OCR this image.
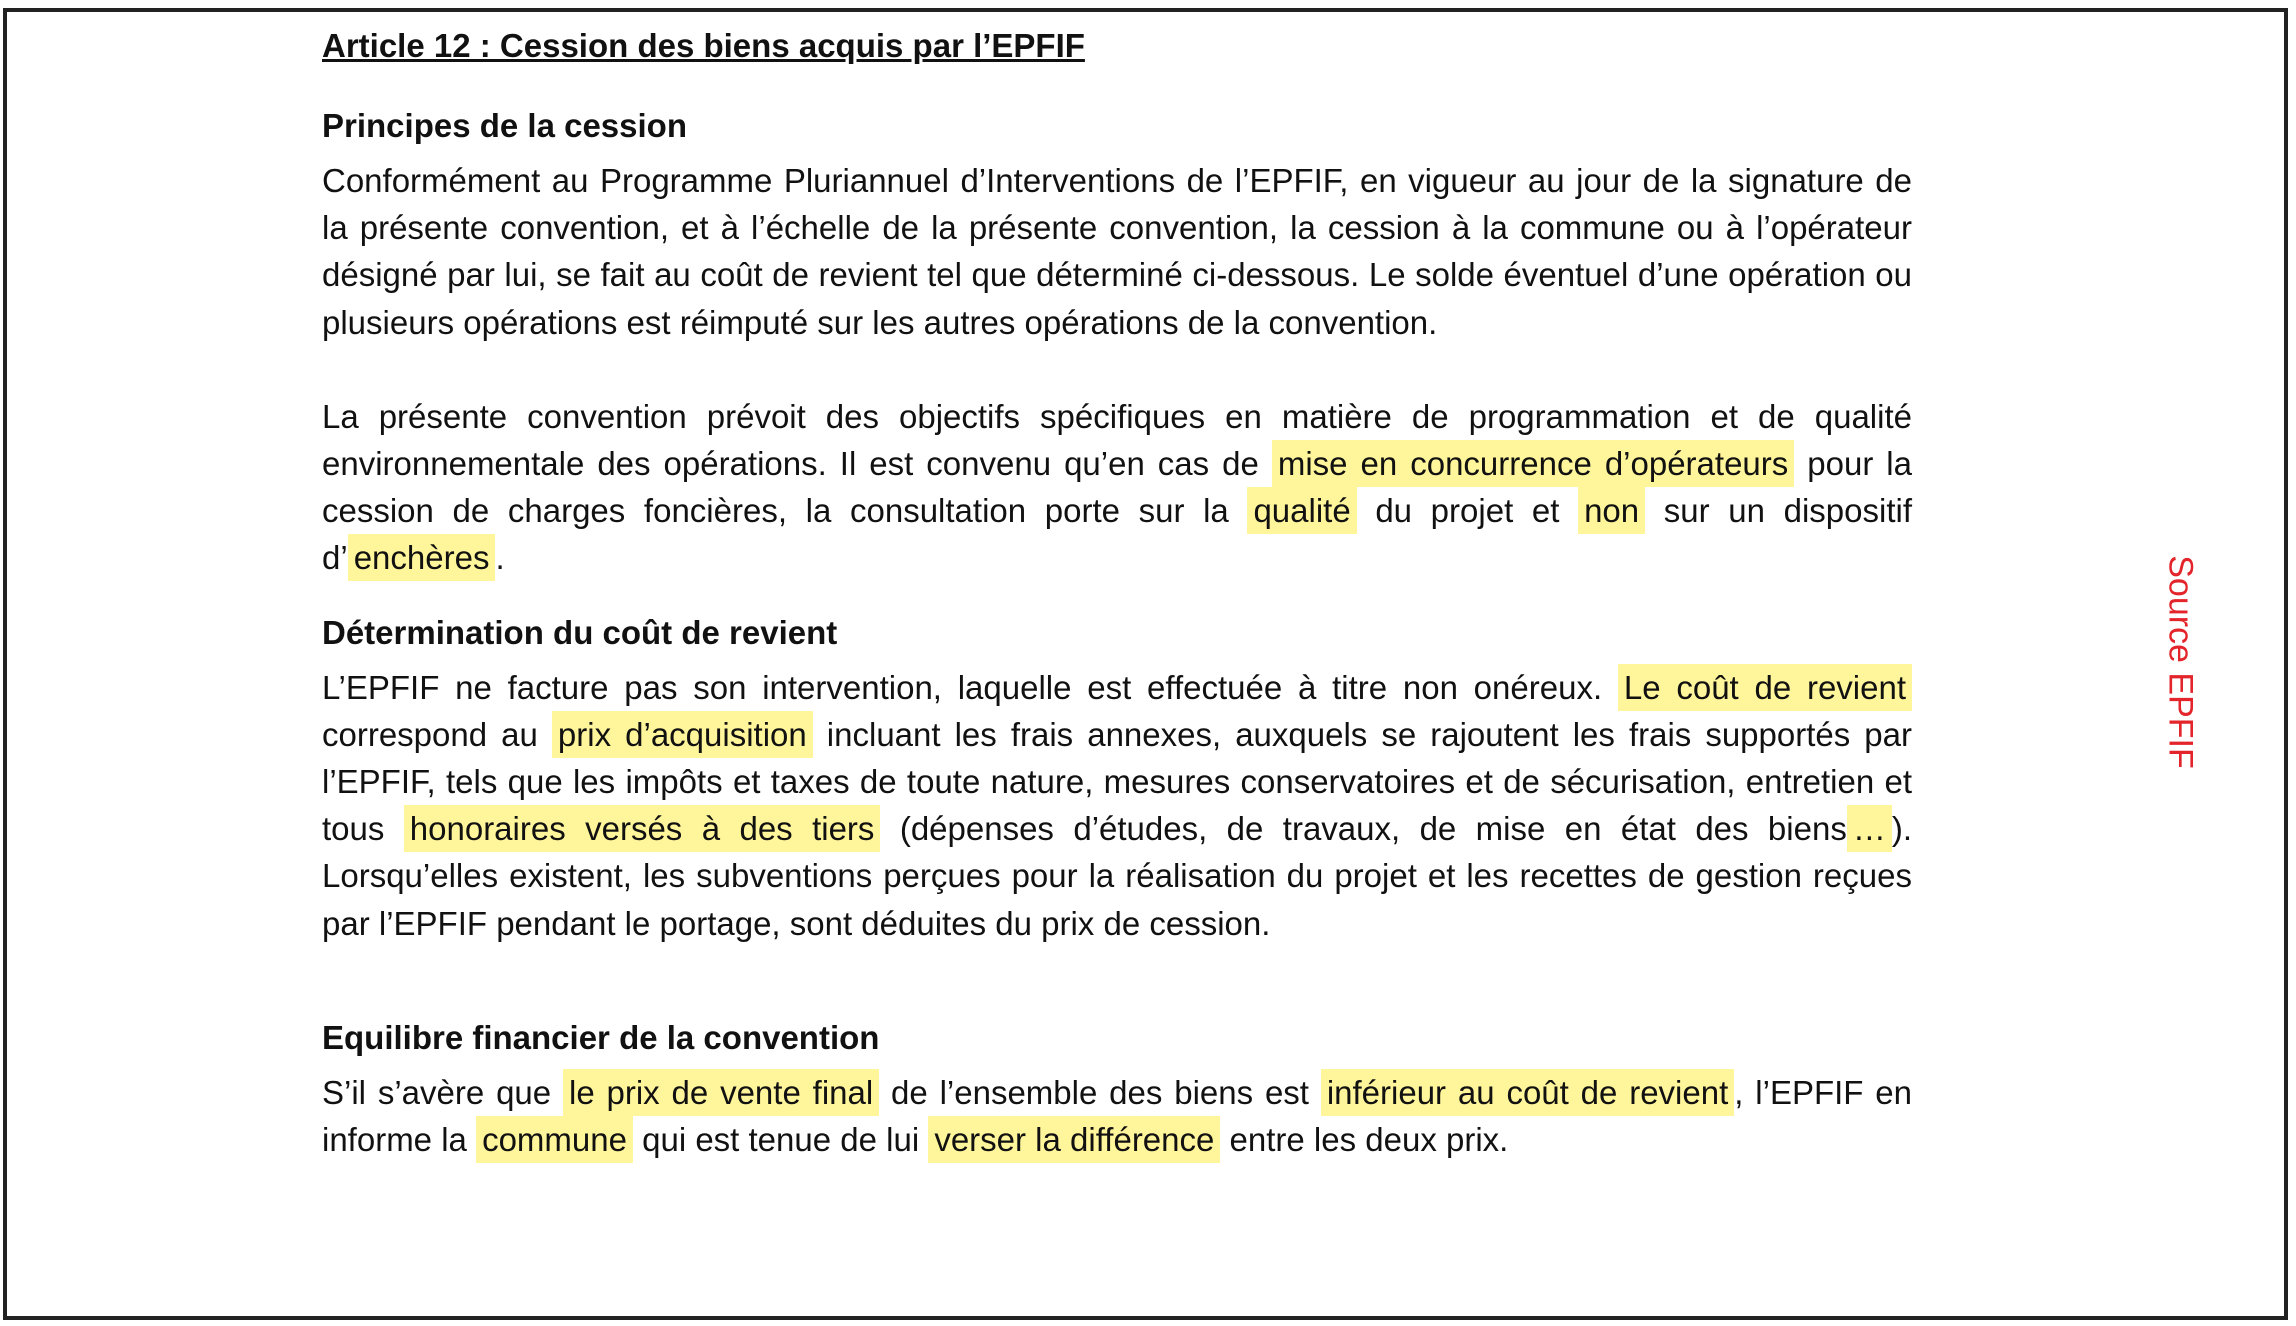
Article 12 : Cession des biens acquis par l’EPFIF

Principes de la cession

Conformément au Programme Pluriannuel d’Interventions de l’EPFIF, en vigueur au jour de la signature de la présente convention, et à l’échelle de la présente convention, la cession à la commune ou à l’opérateur désigné par lui, se fait au coût de revient tel que déterminé ci-dessous. Le solde éventuel d’une opération ou plusieurs opérations est réimputé sur les autres opérations de la convention.

La présente convention prévoit des objectifs spécifiques en matière de programmation et de qualité environnementale des opérations. Il est convenu qu’en cas de mise en concurrence d’opérateurs pour la cession de charges foncières, la consultation porte sur la qualité du projet et non sur un dispositif d’ enchères .

Détermination du coût de revient

L’EPFIF ne facture pas son intervention, laquelle est effectuée à titre non onéreux. Le coût de revient correspond au prix d’acquisition incluant les frais annexes, auxquels se rajoutent les frais supportés par l’EPFIF, tels que les impôts et taxes de toute nature, mesures conservatoires et de sécurisation, entretien et tous honoraires versés à des tiers (dépenses d’études, de travaux, de mise en état des biens … ). Lorsqu’elles existent, les subventions perçues pour la réalisation du projet et les recettes de gestion reçues par l’EPFIF pendant le portage, sont déduites du prix de cession.

Equilibre financier de la convention

S’il s’avère que le prix de vente final de l’ensemble des biens est inférieur au coût de revient , l’EPFIF en informe la commune qui est tenue de lui verser la différence entre les deux prix.

Source EPFIF
